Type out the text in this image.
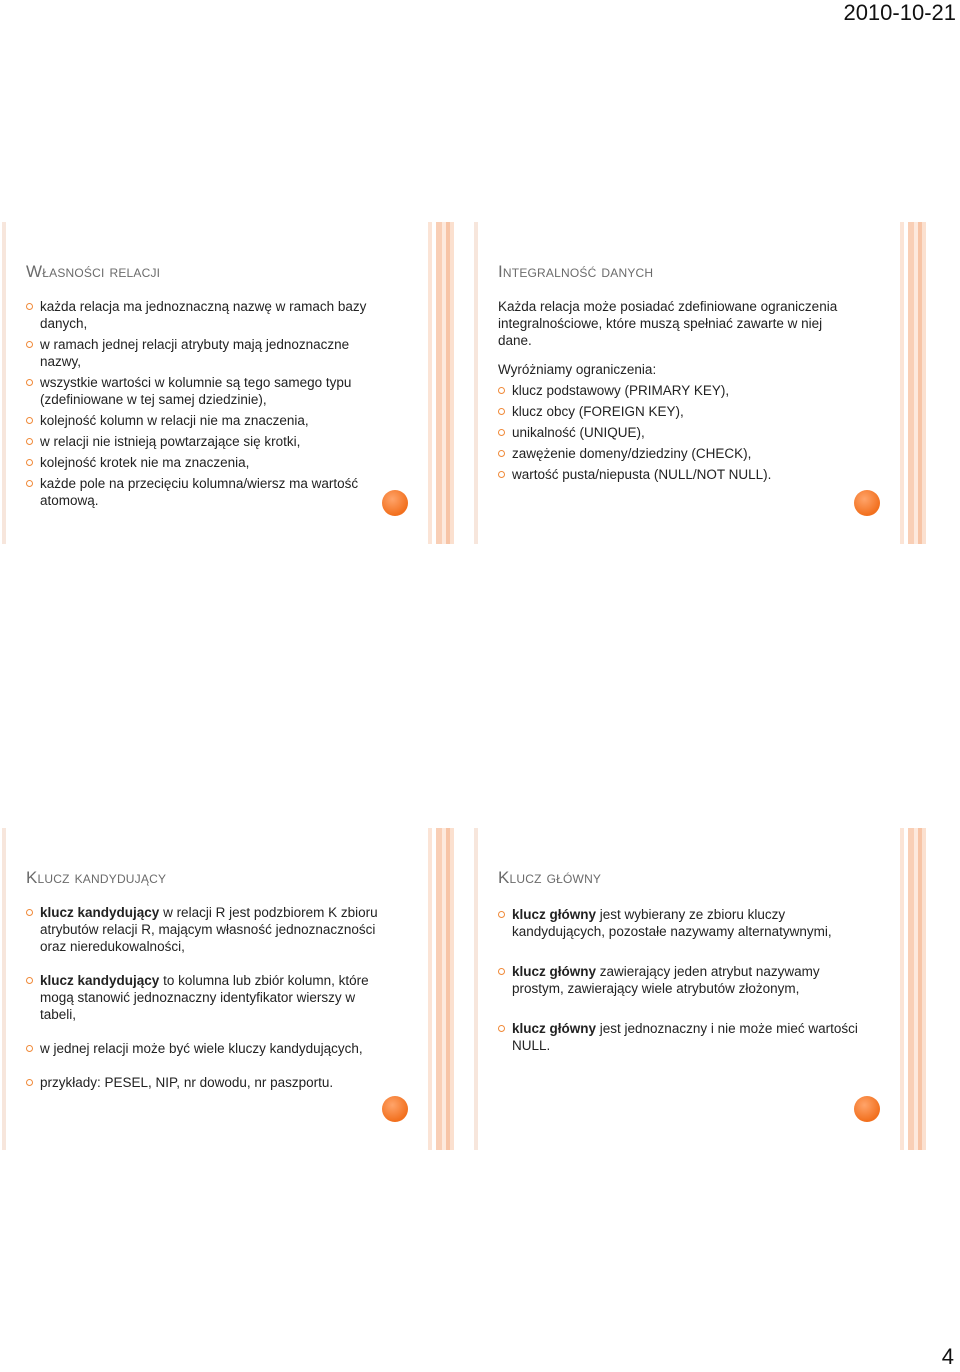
2010-10-21
Własności relacji
każda relacja ma jednoznaczną nazwę w ramach bazy danych,
w ramach jednej relacji atrybuty mają jednoznaczne nazwy,
wszystkie wartości w kolumnie są tego samego typu (zdefiniowane w tej samej dziedzinie),
kolejność kolumn w relacji nie ma znaczenia,
w relacji nie istnieją powtarzające się krotki,
kolejność krotek nie ma znaczenia,
każde pole na przecięciu kolumna/wiersz ma wartość atomową.
Integralność danych

Każda relacja może posiadać zdefiniowane ograniczenia integralnościowe, które muszą spełniać zawarte w niej dane.

Wyróżniamy ograniczenia:

klucz podstawowy (PRIMARY KEY),
klucz obcy (FOREIGN KEY),
unikalność (UNIQUE),
zawężenie domeny/dziedziny (CHECK),
wartość pusta/niepusta (NULL/NOT NULL).
Klucz kandydujący
klucz kandydujący w relacji R jest podzbiorem K zbioru atrybutów relacji R, mającym własność jednoznaczności oraz nieredukowalności,
klucz kandydujący to kolumna lub zbiór kolumn, które mogą stanowić jednoznaczny identyfikator wierszy w tabeli,
w jednej relacji może być wiele kluczy kandydujących,
przykłady: PESEL, NIP, nr dowodu, nr paszportu.
Klucz główny
klucz główny jest wybierany ze zbioru kluczy kandydujących, pozostałe nazywamy alternatywnymi,
klucz główny zawierający jeden atrybut nazywamy prostym, zawierający wiele atrybutów złożonym,
klucz główny jest jednoznaczny i nie może mieć wartości NULL.
4
